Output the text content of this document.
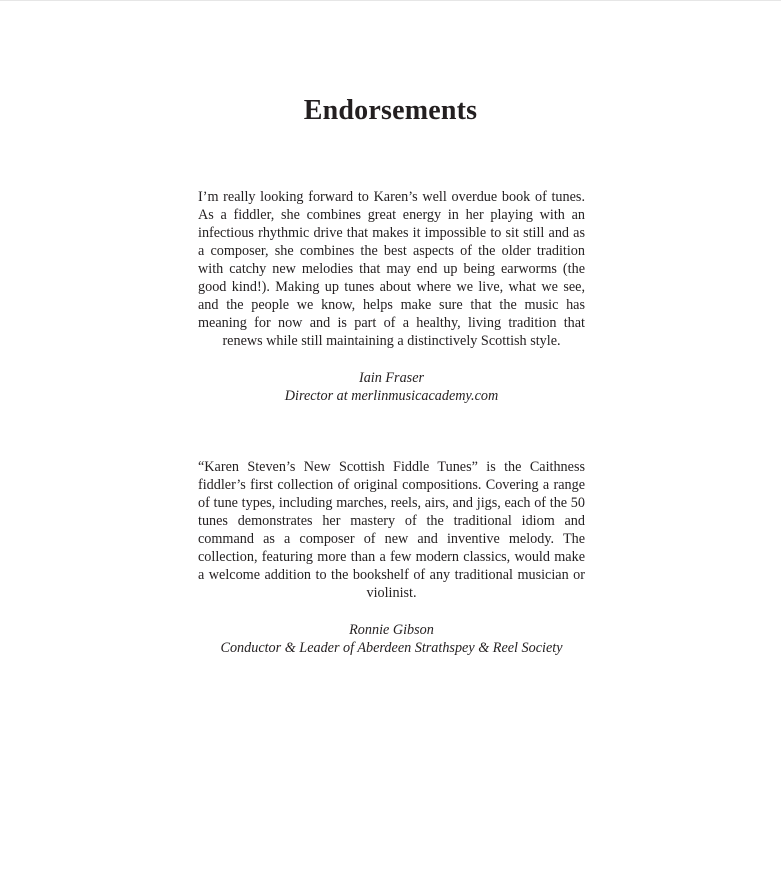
Endorsements

I’m really looking forward to Karen’s well overdue book of tunes. As a fiddler, she combines great energy in her playing with an infectious rhythmic drive that makes it impossible to sit still and as a composer, she combines the best aspects of the older tradition with catchy new melodies that may end up being earworms (the good kind!). Making up tunes about where we live, what we see, and the people we know, helps make sure that the music has meaning for now and is part of a healthy, living tradition that renews while still maintaining a distinctively Scottish style.

Iain Fraser
Director at merlinmusicacademy.com

“Karen Steven’s New Scottish Fiddle Tunes” is the Caithness fiddler’s first collection of original compositions. Covering a range of tune types, including marches, reels, airs, and jigs, each of the 50 tunes demonstrates her mastery of the traditional idiom and command as a composer of new and inventive melody. The collection, featuring more than a few modern classics, would make a welcome addition to the bookshelf of any traditional musician or violinist.

Ronnie Gibson
Conductor & Leader of Aberdeen Strathspey & Reel Society
